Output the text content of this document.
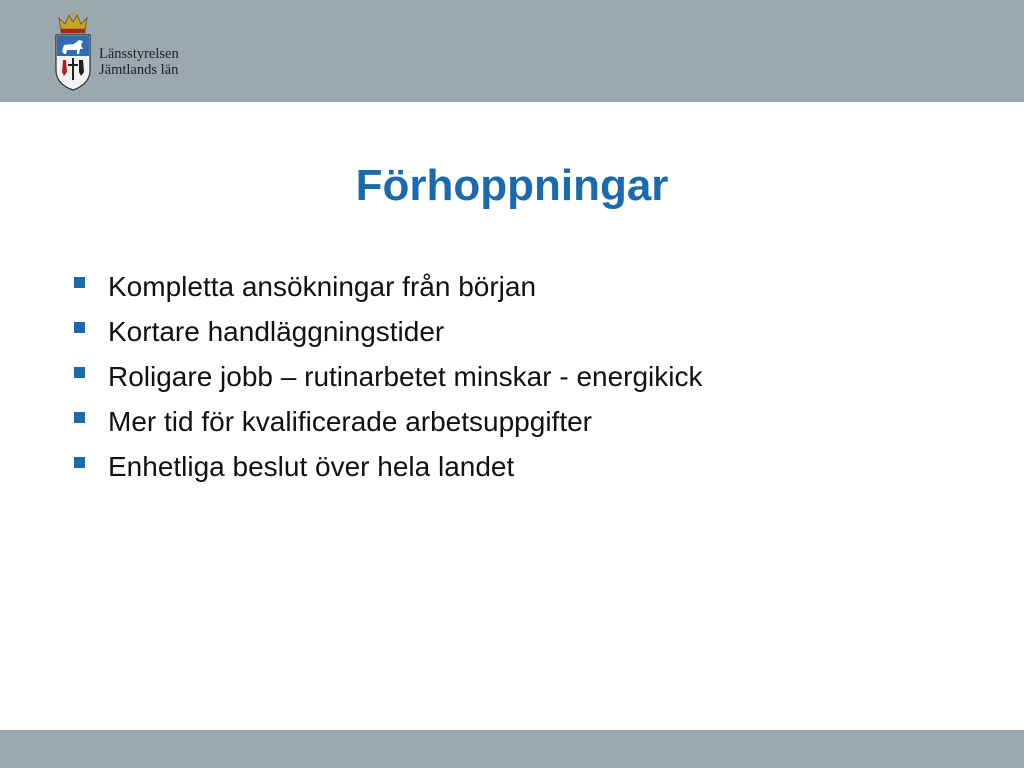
Länsstyrelsen
Jämtlands län
Förhoppningar
Kompletta ansökningar från början
Kortare handläggningstider
Roligare jobb – rutinarbetet minskar - energikick
Mer tid för kvalificerade arbetsuppgifter
Enhetliga beslut över hela landet
